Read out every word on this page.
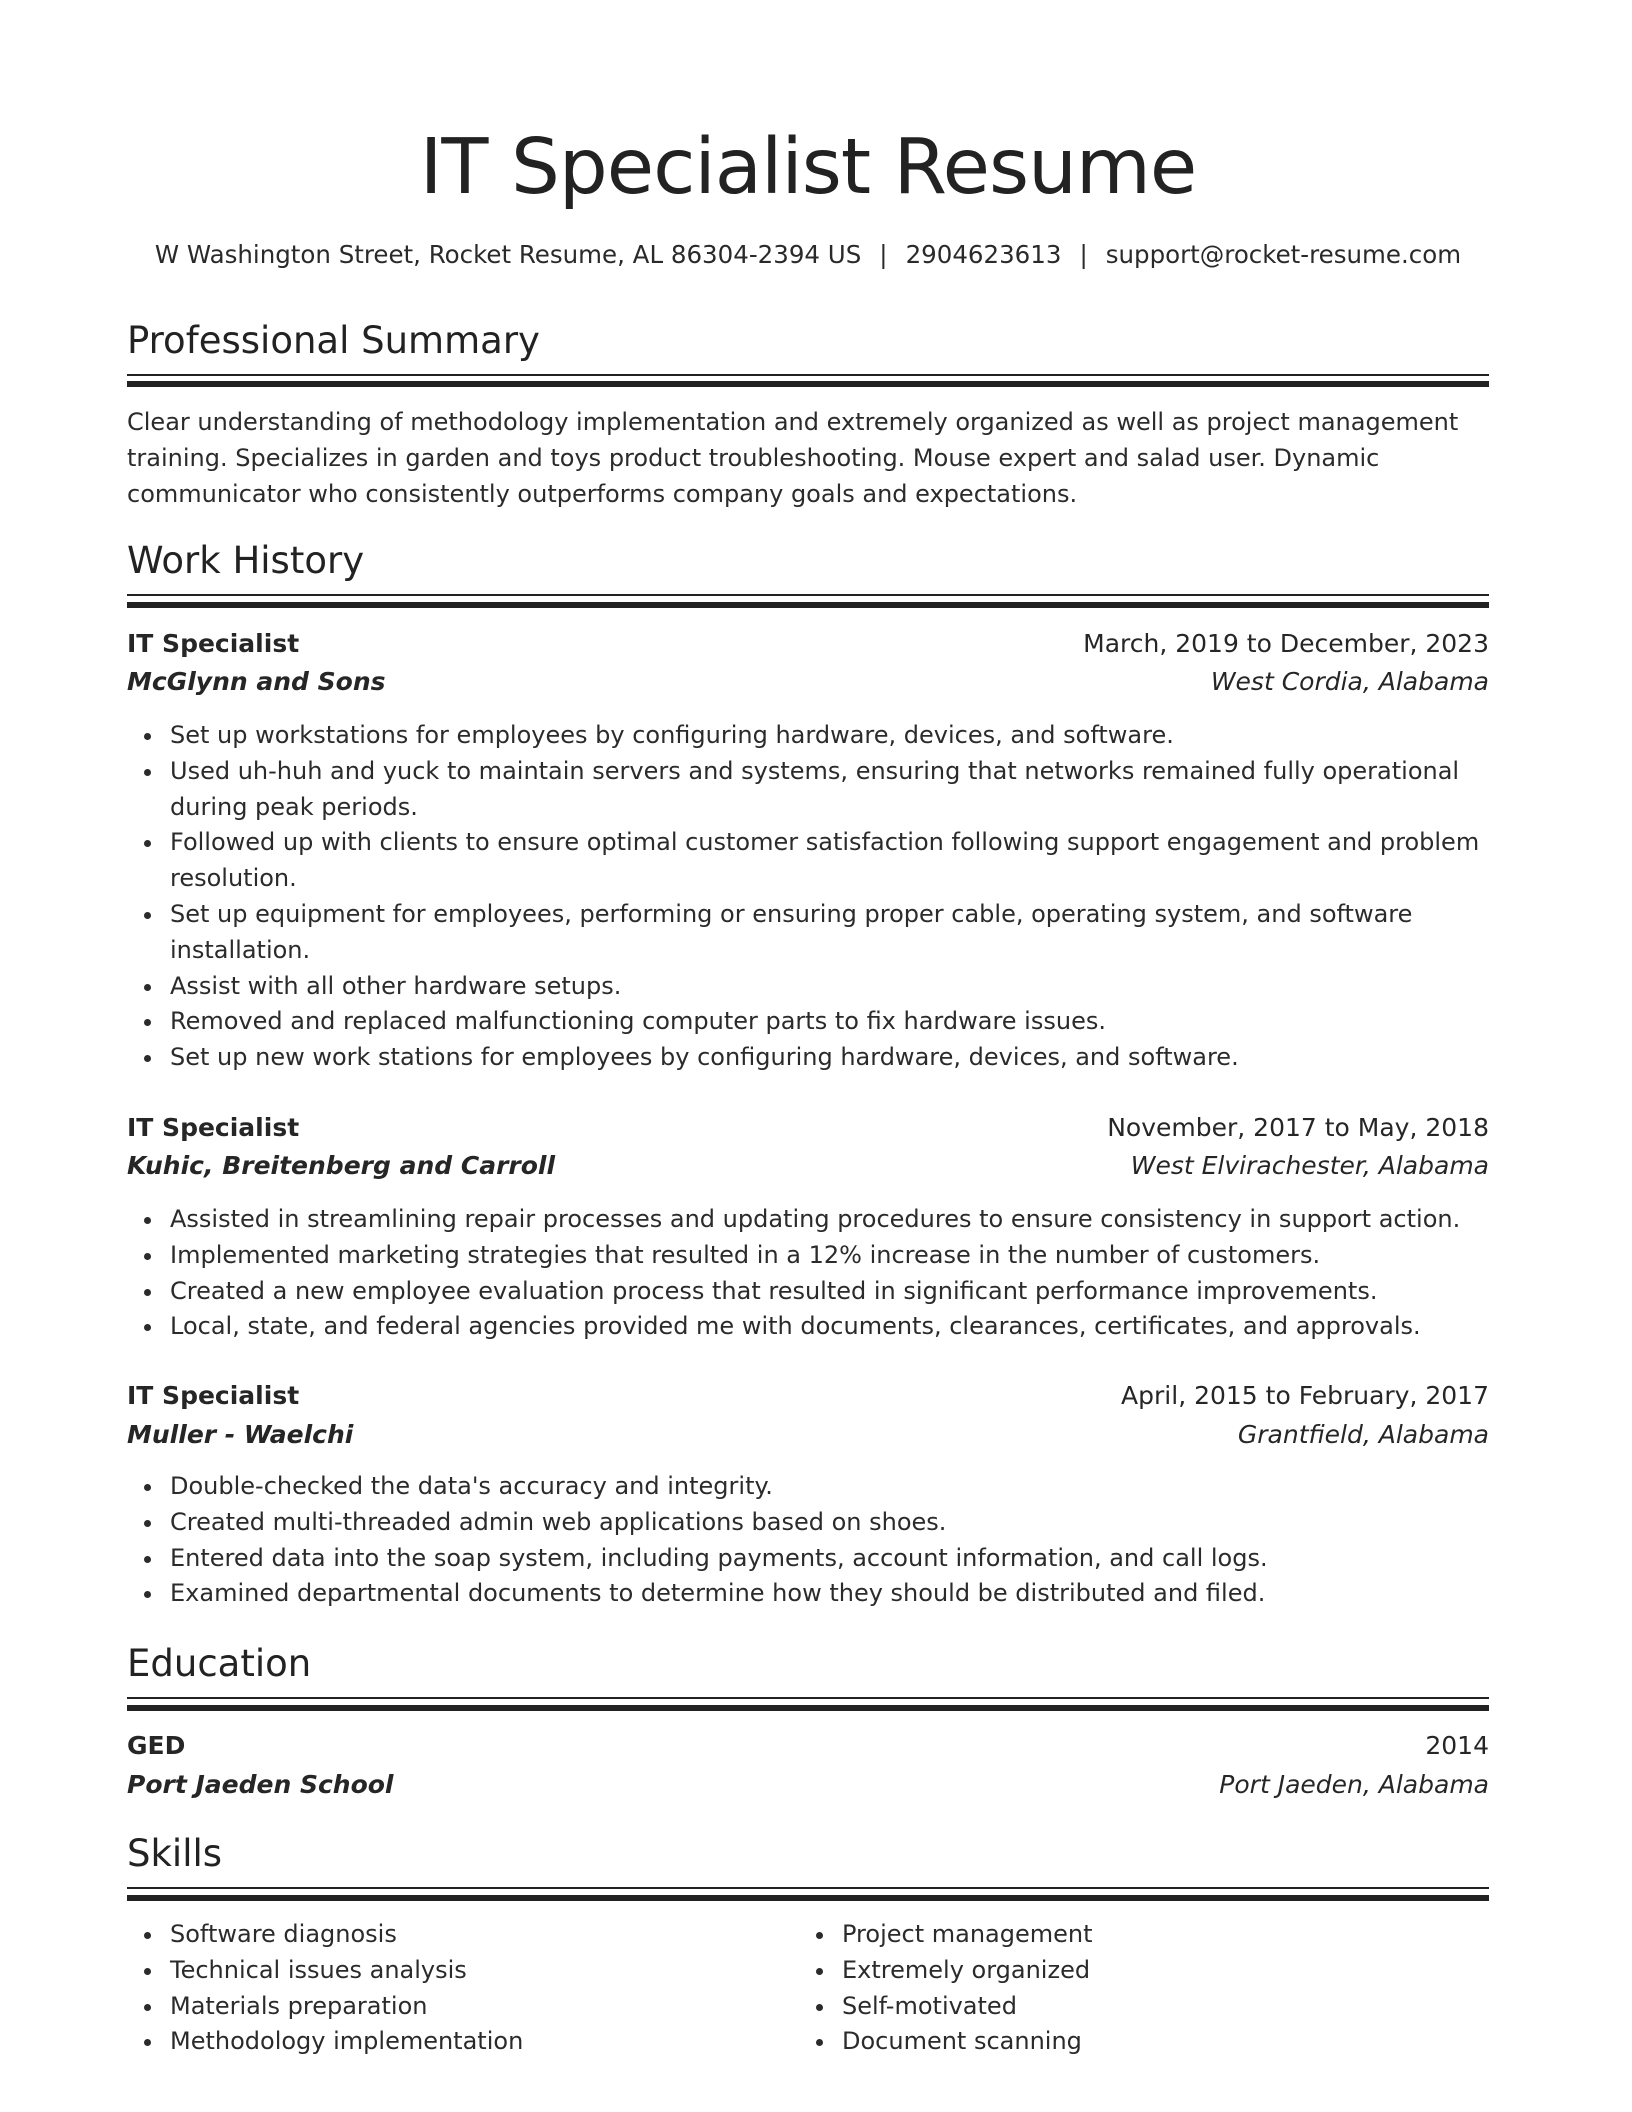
IT Specialist Resume
W Washington Street, Rocket Resume, AL 86304-2394 US | 2904623613 | support@rocket-resume.com
Professional Summary

Clear understanding of methodology implementation and extremely organized as well as project management training. Specializes in garden and toys product troubleshooting. Mouse expert and salad user. Dynamic communicator who consistently outperforms company goals and expectations.

Work History
IT Specialist	March, 2019 to December, 2023
McGlynn and Sons	West Cordia, Alabama
Set up workstations for employees by configuring hardware, devices, and software.
Used uh-huh and yuck to maintain servers and systems, ensuring that networks remained fully operational during peak periods.
Followed up with clients to ensure optimal customer satisfaction following support engagement and problem resolution.
Set up equipment for employees, performing or ensuring proper cable, operating system, and software installation.
Assist with all other hardware setups.
Removed and replaced malfunctioning computer parts to fix hardware issues.
Set up new work stations for employees by configuring hardware, devices, and software.
IT Specialist	November, 2017 to May, 2018
Kuhic, Breitenberg and Carroll	West Elvirachester, Alabama
Assisted in streamlining repair processes and updating procedures to ensure consistency in support action.
Implemented marketing strategies that resulted in a 12% increase in the number of customers.
Created a new employee evaluation process that resulted in significant performance improvements.
Local, state, and federal agencies provided me with documents, clearances, certificates, and approvals.
IT Specialist	April, 2015 to February, 2017
Muller - Waelchi	Grantfield, Alabama
Double-checked the data's accuracy and integrity.
Created multi-threaded admin web applications based on shoes.
Entered data into the soap system, including payments, account information, and call logs.
Examined departmental documents to determine how they should be distributed and filed.
Education
GED	2014
Port Jaeden School	Port Jaeden, Alabama
Skills
Software diagnosis
Technical issues analysis
Materials preparation
Methodology implementation
Project management
Extremely organized
Self-motivated
Document scanning
